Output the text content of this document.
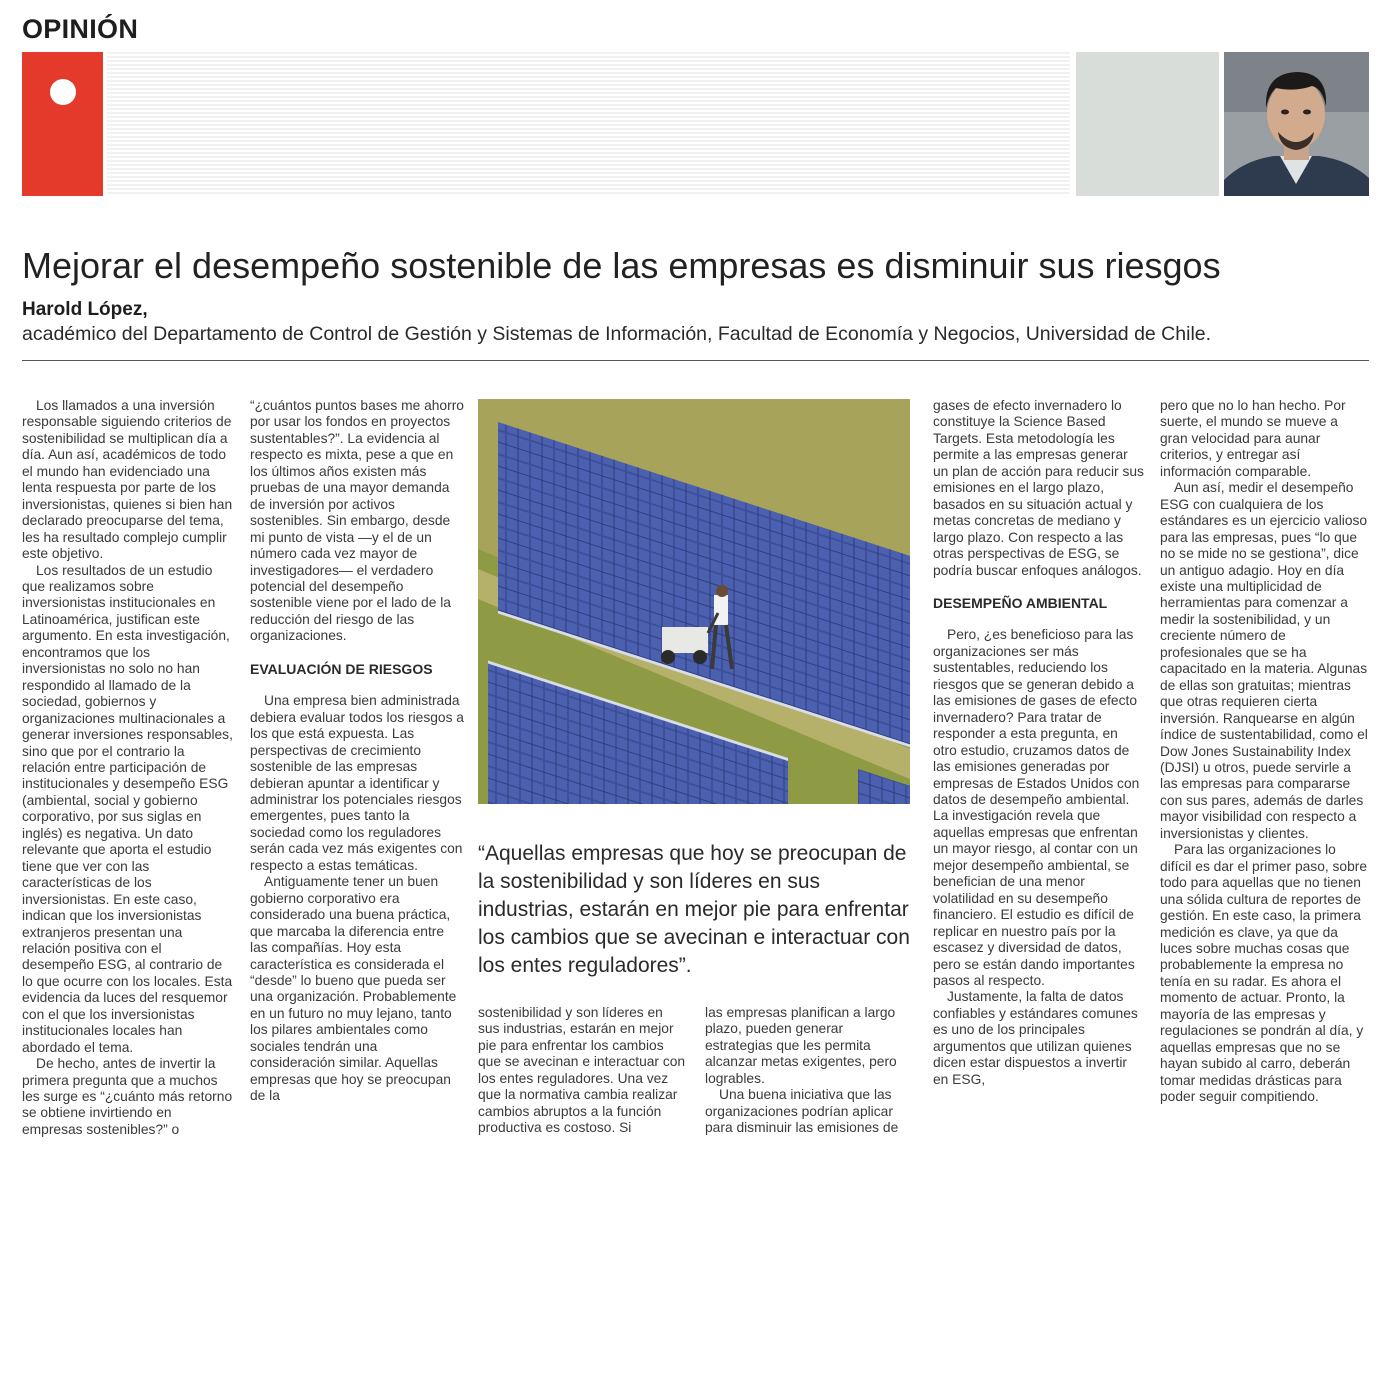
OPINIÓN
Mejorar el desempeño sostenible de las empresas es disminuir sus riesgos
Harold López,
académico del Departamento de Control de Gestión y Sistemas de Información, Facultad de Economía y Negocios, Universidad de Chile.

Los llamados a una inversión responsable siguiendo criterios de sostenibilidad se multiplican día a día. Aun así, académicos de todo el mundo han evidenciado una lenta respuesta por parte de los inversionistas, quienes si bien han declarado preocuparse del tema, les ha resultado complejo cumplir este objetivo.

Los resultados de un estudio que realizamos sobre inversionistas institucionales en Latinoamérica, justifican este argumento. En esta investigación, encontramos que los inversionistas no solo no han respondido al llamado de la sociedad, gobiernos y organizaciones multinacionales a generar inversiones responsables, sino que por el contrario la relación entre participación de institucionales y desempeño ESG (ambiental, social y gobierno corporativo, por sus siglas en inglés) es negativa. Un dato relevante que aporta el estudio tiene que ver con las características de los inversionistas. En este caso, indican que los inversionistas extranjeros presentan una relación positiva con el desempeño ESG, al contrario de lo que ocurre con los locales. Esta evidencia da luces del resquemor con el que los inversionistas institucionales locales han abordado el tema.

De hecho, antes de invertir la primera pregunta que a muchos les surge es “¿cuánto más retorno se obtiene invirtiendo en empresas sostenibles?” o

“¿cuántos puntos bases me ahorro por usar los fondos en proyectos sustentables?”. La evidencia al respecto es mixta, pese a que en los últimos años existen más pruebas de una mayor demanda de inversión por activos sostenibles. Sin embargo, desde mi punto de vista —y el de un número cada vez mayor de investigadores— el verdadero potencial del desempeño sostenible viene por el lado de la reducción del riesgo de las organizaciones.

EVALUACIÓN DE RIESGOS

Una empresa bien administrada debiera evaluar todos los riesgos a los que está expuesta. Las perspectivas de crecimiento sostenible de las empresas debieran apuntar a identificar y administrar los potenciales riesgos emergentes, pues tanto la sociedad como los reguladores serán cada vez más exigentes con respecto a estas temáticas.

Antiguamente tener un buen gobierno corporativo era considerado una buena práctica, que marcaba la diferencia entre las compañías. Hoy esta característica es considerada el “desde” lo bueno que pueda ser una organización. Probablemente en un futuro no muy lejano, tanto los pilares ambientales como sociales tendrán una consideración similar. Aquellas empresas que hoy se preocupan de la

“Aquellas empresas que hoy se preocupan de la sostenibilidad y son líderes en sus industrias, estarán en mejor pie para enfrentar los cambios que se avecinan e interactuar con los entes reguladores”.

sostenibilidad y son líderes en sus industrias, estarán en mejor pie para enfrentar los cambios que se avecinan e interactuar con los entes reguladores. Una vez que la normativa cambia realizar cambios abruptos a la función productiva es costoso. Si

las empresas planifican a largo plazo, pueden generar estrategias que les permita alcanzar metas exigentes, pero logrables.

Una buena iniciativa que las organizaciones podrían aplicar para disminuir las emisiones de

gases de efecto invernadero lo constituye la Science Based Targets. Esta metodología les permite a las empresas generar un plan de acción para reducir sus emisiones en el largo plazo, basados en su situación actual y metas concretas de mediano y largo plazo. Con respecto a las otras perspectivas de ESG, se podría buscar enfoques análogos.

DESEMPEÑO AMBIENTAL

Pero, ¿es beneficioso para las organizaciones ser más sustentables, reduciendo los riesgos que se generan debido a las emisiones de gases de efecto invernadero? Para tratar de responder a esta pregunta, en otro estudio, cruzamos datos de las emisiones generadas por empresas de Estados Unidos con datos de desempeño ambiental. La investigación revela que aquellas empresas que enfrentan un mayor riesgo, al contar con un mejor desempeño ambiental, se benefician de una menor volatilidad en su desempeño financiero. El estudio es difícil de replicar en nuestro país por la escasez y diversidad de datos, pero se están dando importantes pasos al respecto.

Justamente, la falta de datos confiables y estándares comunes es uno de los principales argumentos que utilizan quienes dicen estar dispuestos a invertir en ESG,

pero que no lo han hecho. Por suerte, el mundo se mueve a gran velocidad para aunar criterios, y entregar así información comparable.

Aun así, medir el desempeño ESG con cualquiera de los estándares es un ejercicio valioso para las empresas, pues “lo que no se mide no se gestiona”, dice un antiguo adagio. Hoy en día existe una multiplicidad de herramientas para comenzar a medir la sostenibilidad, y un creciente número de profesionales que se ha capacitado en la materia. Algunas de ellas son gratuitas; mientras que otras requieren cierta inversión. Ranquearse en algún índice de sustentabilidad, como el Dow Jones Sustainability Index (DJSI) u otros, puede servirle a las empresas para compararse con sus pares, además de darles mayor visibilidad con respecto a inversionistas y clientes.

Para las organizaciones lo difícil es dar el primer paso, sobre todo para aquellas que no tienen una sólida cultura de reportes de gestión. En este caso, la primera medición es clave, ya que da luces sobre muchas cosas que probablemente la empresa no tenía en su radar. Es ahora el momento de actuar. Pronto, la mayoría de las empresas y regulaciones se pondrán al día, y aquellas empresas que no se hayan subido al carro, deberán tomar medidas drásticas para poder seguir compitiendo.
